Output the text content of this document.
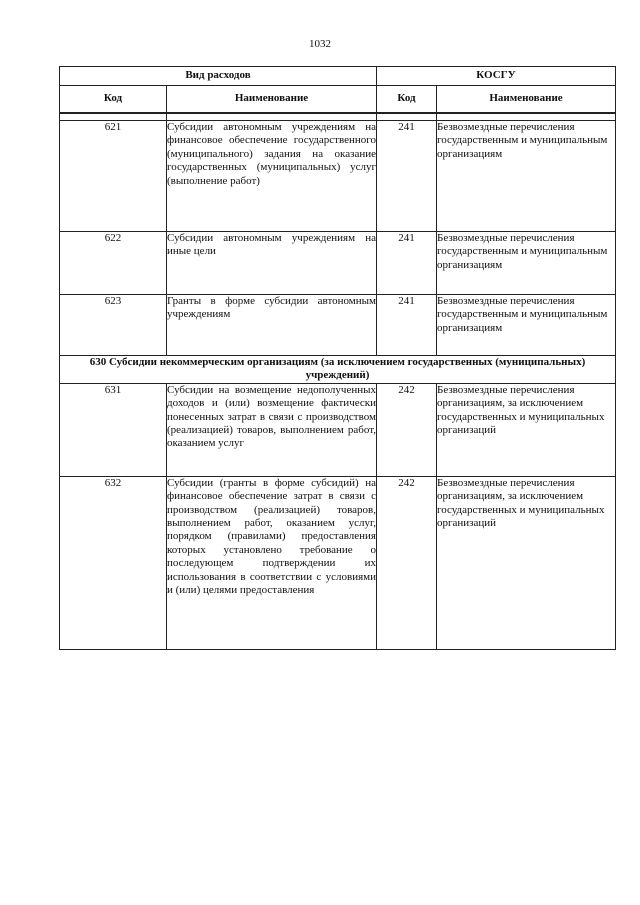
1032
Вид расходов		КОСГУ	
Код	Наименование	Код	Наименование

621	Субсидии автономным учреждениям на финансовое обеспечение государственного (муниципального) задания на оказание государственных (муниципальных) услуг (выполнение работ)	241	Безвозмездные перечисления государственным и муниципальным организациям
622	Субсидии автономным учреждениям на иные цели	241	Безвозмездные перечисления государственным и муниципальным организациям
623	Гранты в форме субсидии автономным учреждениям	241	Безвозмездные перечисления государственным и муниципальным организациям
630 Субсидии некоммерческим организациям (за исключением государственных (муниципальных) учреждений)			
631	Субсидии на возмещение недополученных доходов и (или) возмещение фактически понесенных затрат в связи с производством (реализацией) товаров, выполнением работ, оказанием услуг	242	Безвозмездные перечисления организациям, за исключением государственных и муниципальных организаций
632	Субсидии (гранты в форме субсидий) на финансовое обеспечение затрат в связи с производством (реализацией) товаров, выполнением работ, оказанием услуг, порядком (правилами) предоставления которых установлено требование о последующем подтверждении их использования в соответствии с условиями и (или) целями предоставления	242	Безвозмездные перечисления организациям, за исключением государственных и муниципальных организаций
